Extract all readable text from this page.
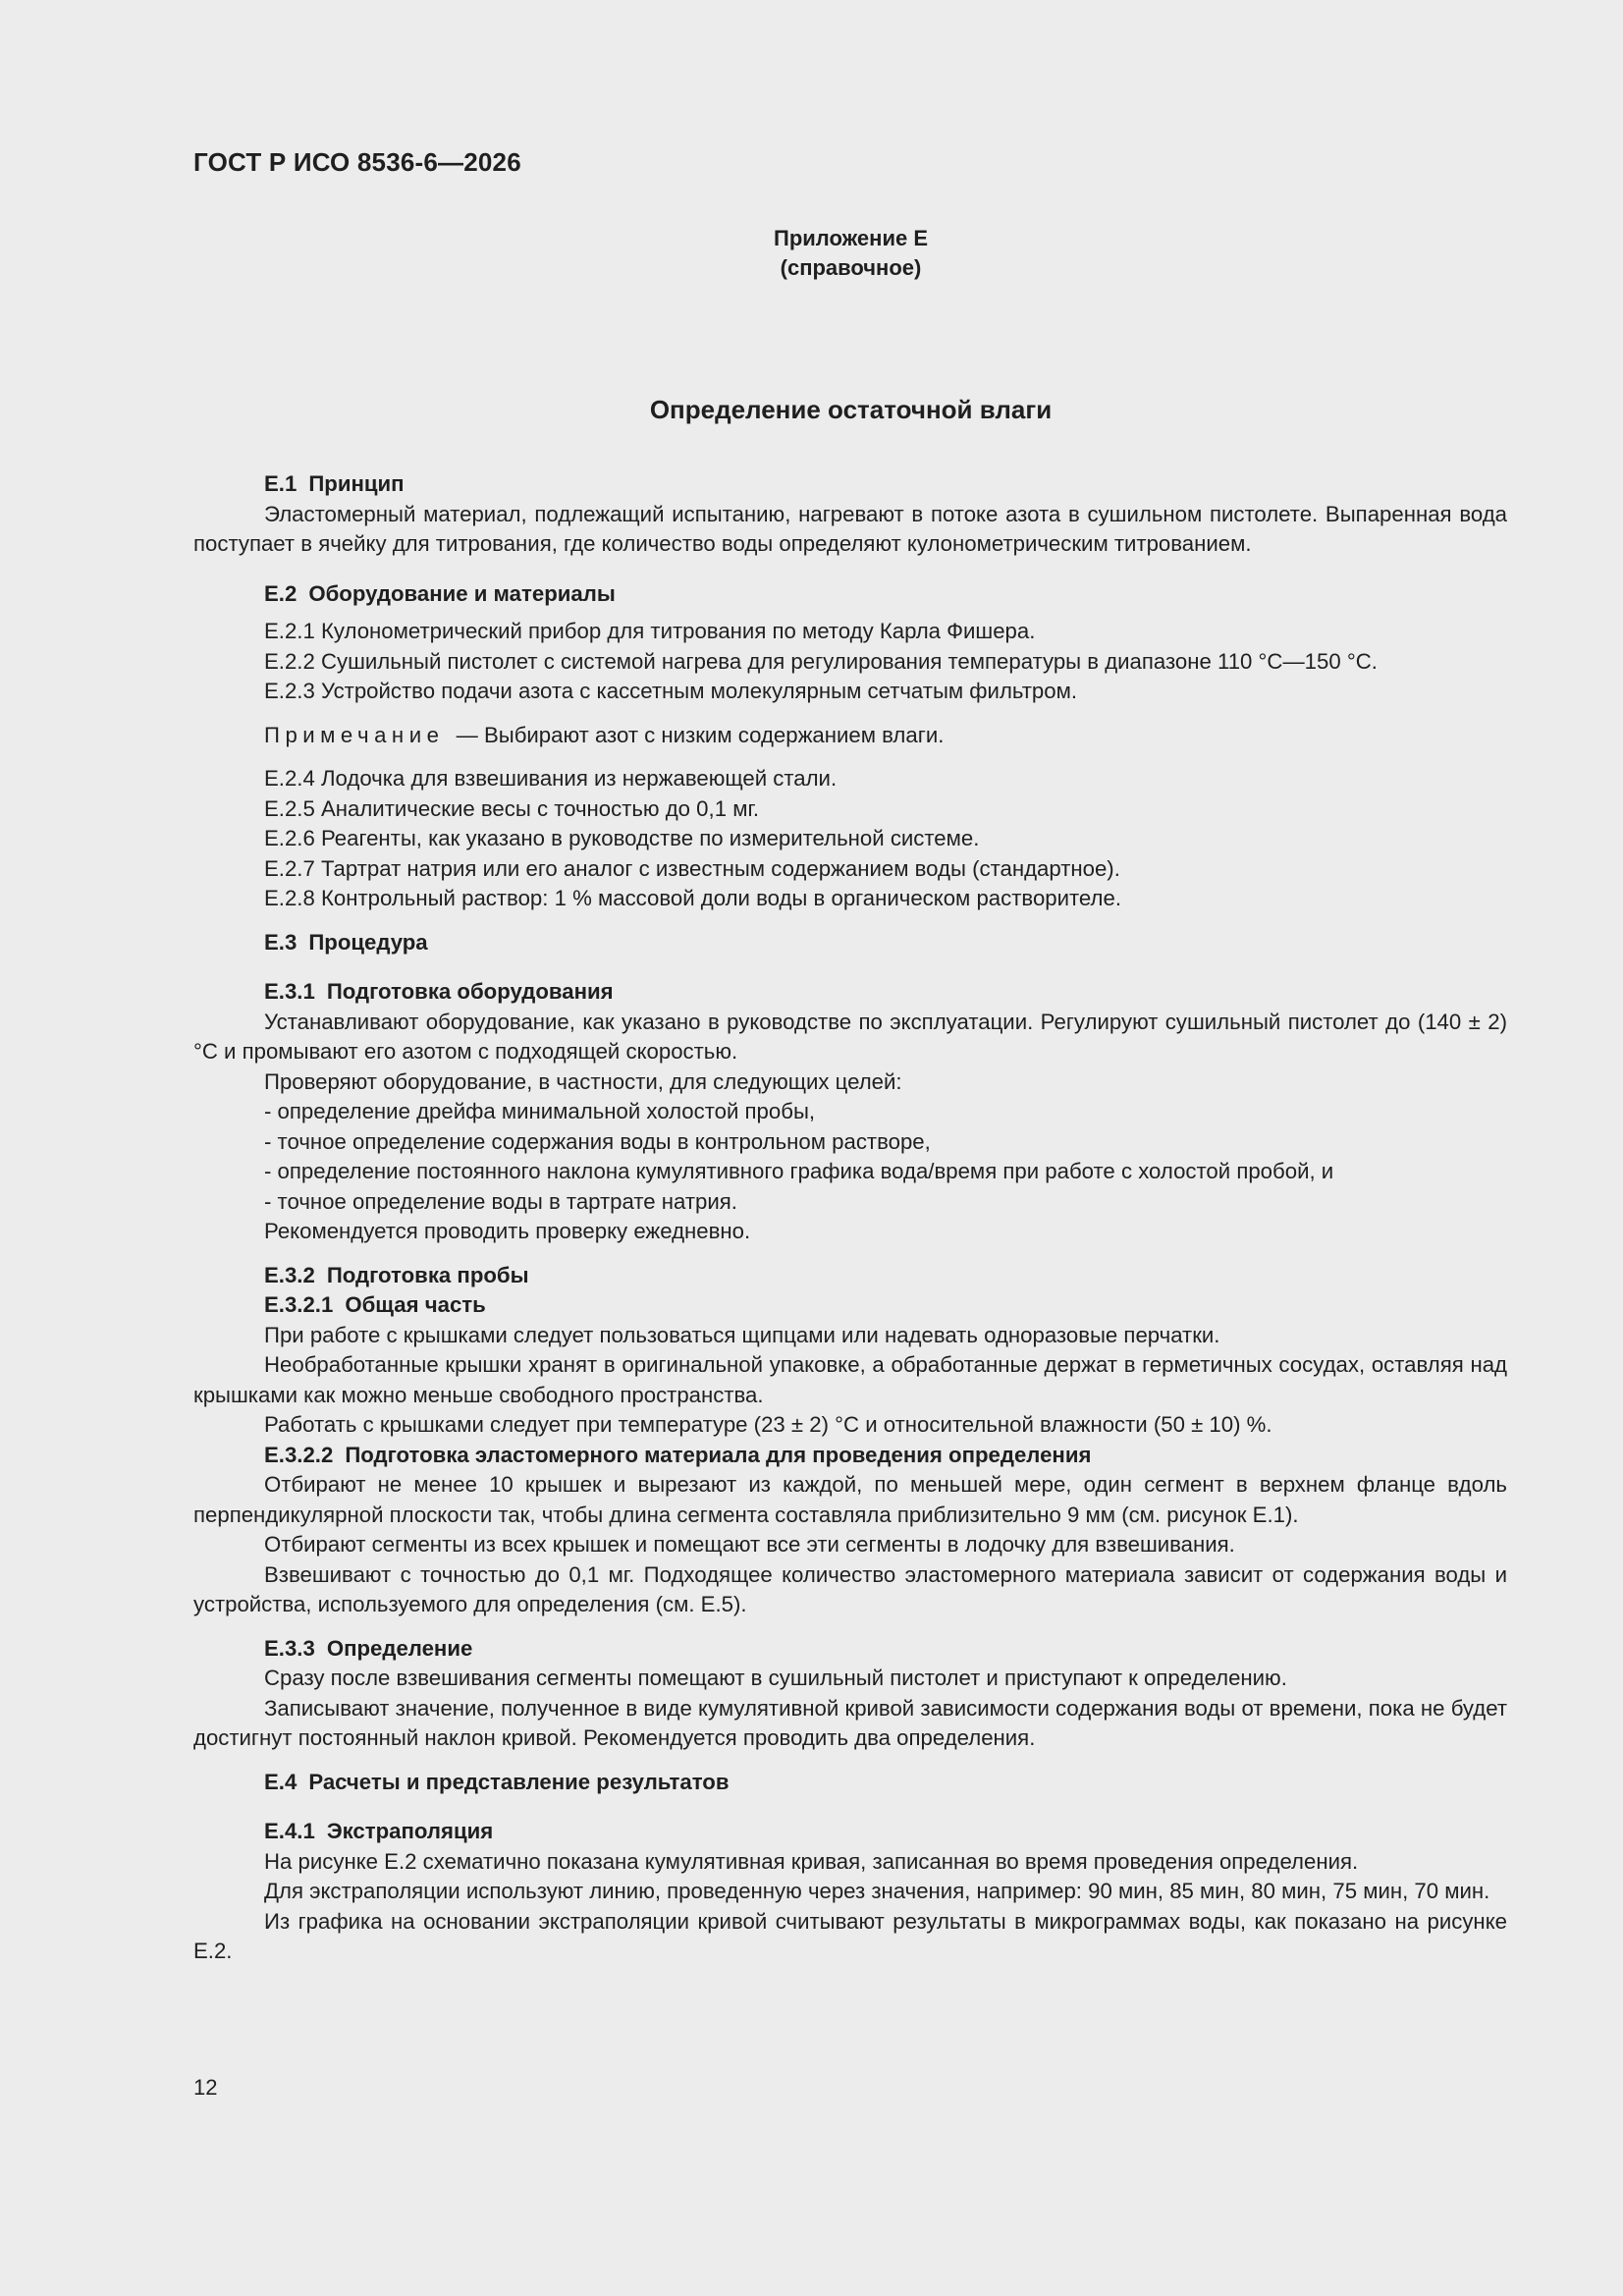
ГОСТ Р ИСО 8536-6—2026
Приложение Е
(справочное)
Определение остаточной влаги

Е.1 Принцип

Эластомерный материал, подлежащий испытанию, нагревают в потоке азота в сушильном пистолете. Выпаренная вода поступает в ячейку для титрования, где количество воды определяют кулонометрическим титрованием.

Е.2 Оборудование и материалы

Е.2.1 Кулонометрический прибор для титрования по методу Карла Фишера.

Е.2.2 Сушильный пистолет с системой нагрева для регулирования температуры в диапазоне 110 °С—150 °С.

Е.2.3 Устройство подачи азота с кассетным молекулярным сетчатым фильтром.

Примечание — Выбирают азот с низким содержанием влаги.

Е.2.4 Лодочка для взвешивания из нержавеющей стали.

Е.2.5 Аналитические весы с точностью до 0,1 мг.

Е.2.6 Реагенты, как указано в руководстве по измерительной системе.

Е.2.7 Тартрат натрия или его аналог с известным содержанием воды (стандартное).

Е.2.8 Контрольный раствор: 1 % массовой доли воды в органическом растворителе.

Е.3 Процедура

Е.3.1 Подготовка оборудования

Устанавливают оборудование, как указано в руководстве по эксплуатации. Регулируют сушильный пистолет до (140 ± 2) °С и промывают его азотом с подходящей скоростью.

Проверяют оборудование, в частности, для следующих целей:

- определение дрейфа минимальной холостой пробы,

- точное определение содержания воды в контрольном растворе,

- определение постоянного наклона кумулятивного графика вода/время при работе с холостой пробой, и

- точное определение воды в тартрате натрия.

Рекомендуется проводить проверку ежедневно.

Е.3.2 Подготовка пробы

Е.3.2.1 Общая часть

При работе с крышками следует пользоваться щипцами или надевать одноразовые перчатки.

Необработанные крышки хранят в оригинальной упаковке, а обработанные держат в герметичных сосудах, оставляя над крышками как можно меньше свободного пространства.

Работать с крышками следует при температуре (23 ± 2) °С и относительной влажности (50 ± 10) %.

Е.3.2.2 Подготовка эластомерного материала для проведения определения

Отбирают не менее 10 крышек и вырезают из каждой, по меньшей мере, один сегмент в верхнем фланце вдоль перпендикулярной плоскости так, чтобы длина сегмента составляла приблизительно 9 мм (см. рисунок Е.1).

Отбирают сегменты из всех крышек и помещают все эти сегменты в лодочку для взвешивания.

Взвешивают с точностью до 0,1 мг. Подходящее количество эластомерного материала зависит от содержания воды и устройства, используемого для определения (см. Е.5).

Е.3.3 Определение

Сразу после взвешивания сегменты помещают в сушильный пистолет и приступают к определению.

Записывают значение, полученное в виде кумулятивной кривой зависимости содержания воды от времени, пока не будет достигнут постоянный наклон кривой. Рекомендуется проводить два определения.

Е.4 Расчеты и представление результатов

Е.4.1 Экстраполяция

На рисунке Е.2 схематично показана кумулятивная кривая, записанная во время проведения определения.

Для экстраполяции используют линию, проведенную через значения, например: 90 мин, 85 мин, 80 мин, 75 мин, 70 мин.

Из графика на основании экстраполяции кривой считывают результаты в микрограммах воды, как показано на рисунке Е.2.

12
